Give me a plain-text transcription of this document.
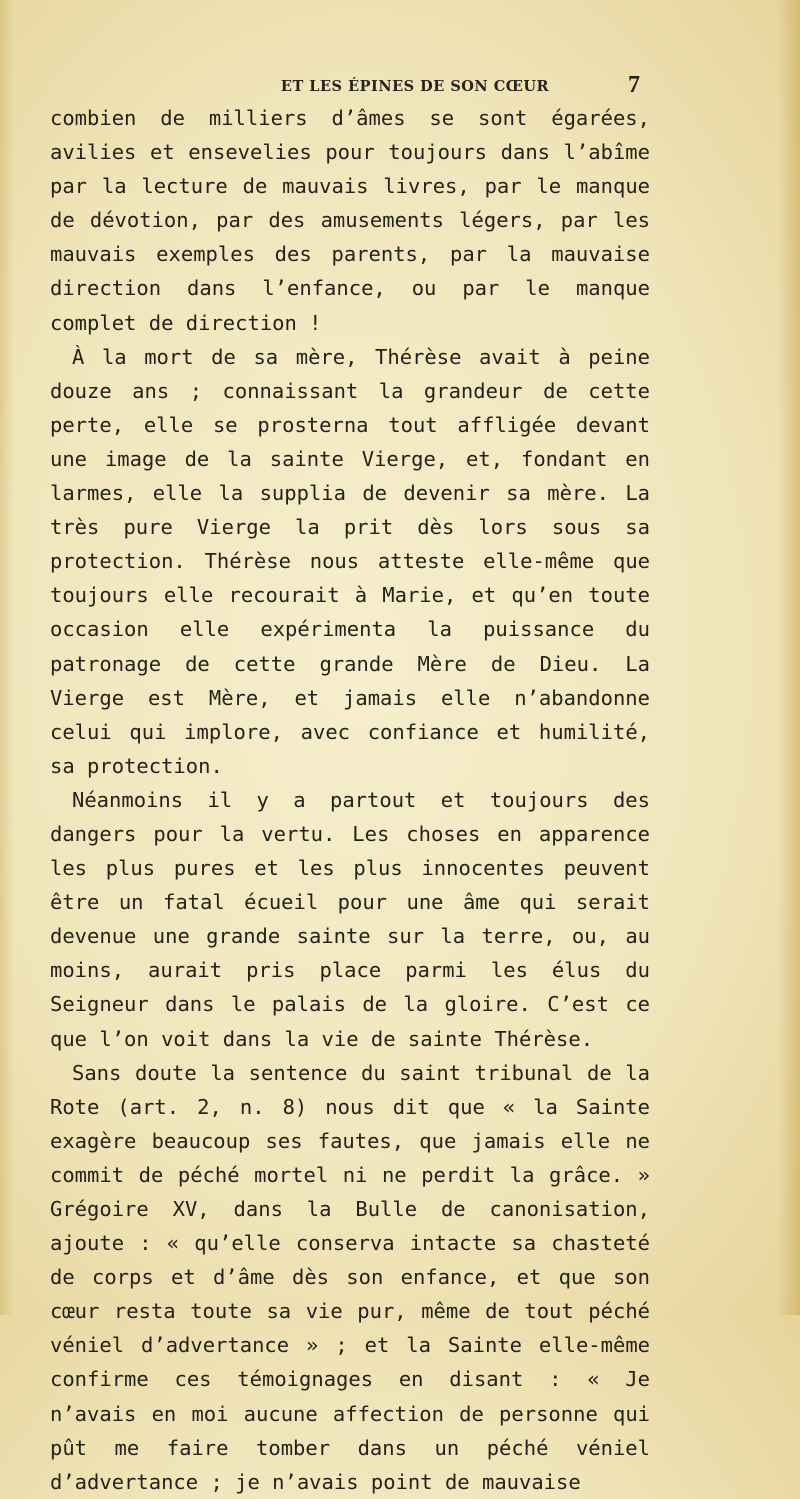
ET LES ÉPINES DE SON CŒUR	7

combien de milliers d’âmes se sont égarées, avilies et ensevelies pour toujours dans l’abîme par la lecture de mauvais livres, par le manque de dévotion, par des amusements légers, par les mauvais exemples des parents, par la mauvaise direction dans l’enfance, ou par le manque complet de direction !

À la mort de sa mère, Thérèse avait à peine douze ans ; connaissant la grandeur de cette perte, elle se prosterna tout affligée devant une image de la sainte Vierge, et, fondant en larmes, elle la supplia de devenir sa mère. La très pure Vierge la prit dès lors sous sa protection. Thérèse nous atteste elle-même que toujours elle recourait à Marie, et qu’en toute occasion elle expérimenta la puissance du patronage de cette grande Mère de Dieu. La Vierge est Mère, et jamais elle n’abandonne celui qui implore, avec confiance et humilité, sa protection.

Néanmoins il y a partout et toujours des dangers pour la vertu. Les choses en apparence les plus pures et les plus innocentes peuvent être un fatal écueil pour une âme qui serait devenue une grande sainte sur la terre, ou, au moins, aurait pris place parmi les élus du Seigneur dans le palais de la gloire. C’est ce que l’on voit dans la vie de sainte Thérèse.

Sans doute la sentence du saint tribunal de la Rote (art. 2, n. 8) nous dit que « la Sainte exagère beaucoup ses fautes, que jamais elle ne commit de péché mortel ni ne perdit la grâce. » Grégoire XV, dans la Bulle de canonisation, ajoute : « qu’elle conserva intacte sa chasteté de corps et d’âme dès son enfance, et que son cœur resta toute sa vie pur, même de tout péché véniel d’advertance » ; et la Sainte elle-même confirme ces témoignages en disant : « Je n’avais en moi aucune affection de personne qui pût me faire tomber dans un péché véniel d’advertance ; je n’avais point de mauvaise
